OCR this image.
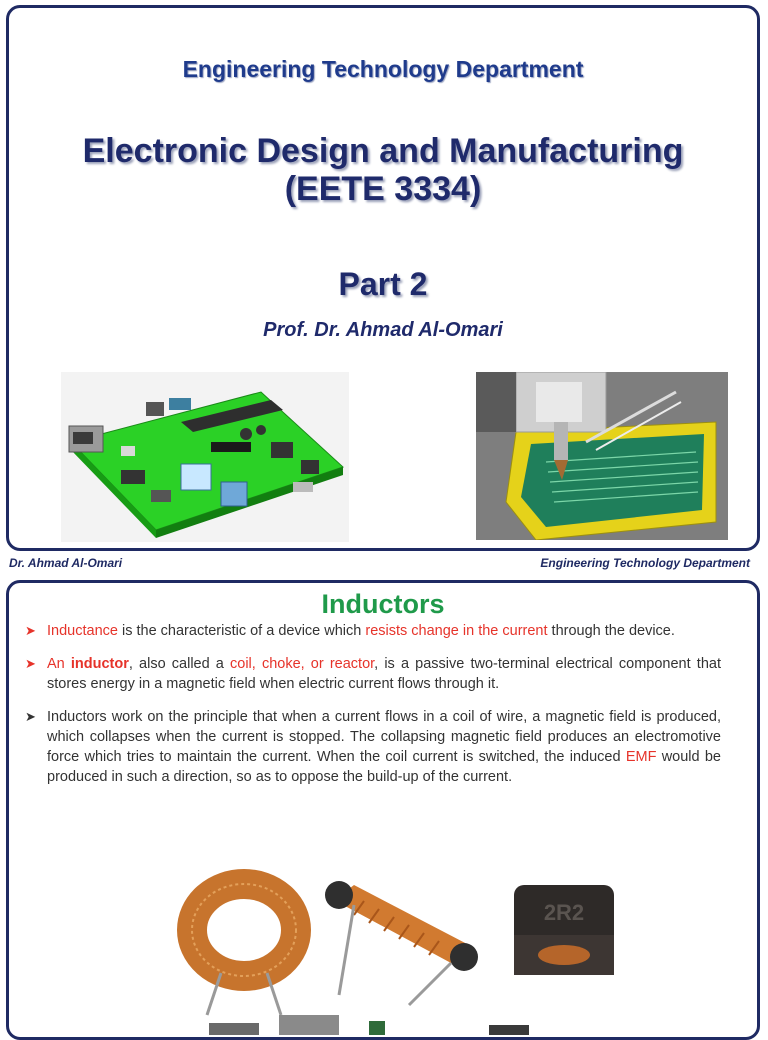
Engineering Technology Department
Electronic Design and Manufacturing
(EETE 3334)
Part 2
Prof. Dr. Ahmad Al-Omari
Dr. Ahmad Al-Omari	Engineering Technology Department
Inductors
➤ Inductance is the characteristic of a device which resists change in the current through the device.
➤ An inductor, also called a coil, choke, or reactor, is a passive two-terminal electrical component that stores energy in a magnetic field when electric current flows through it.
➤ Inductors work on the principle that when a current flows in a coil of wire, a magnetic field is produced, which collapses when the current is stopped. The collapsing magnetic field produces an electromotive force which tries to maintain the current. When the coil current is switched, the induced EMF would be produced in such a direction, so as to oppose the build-up of the current.
2R2
